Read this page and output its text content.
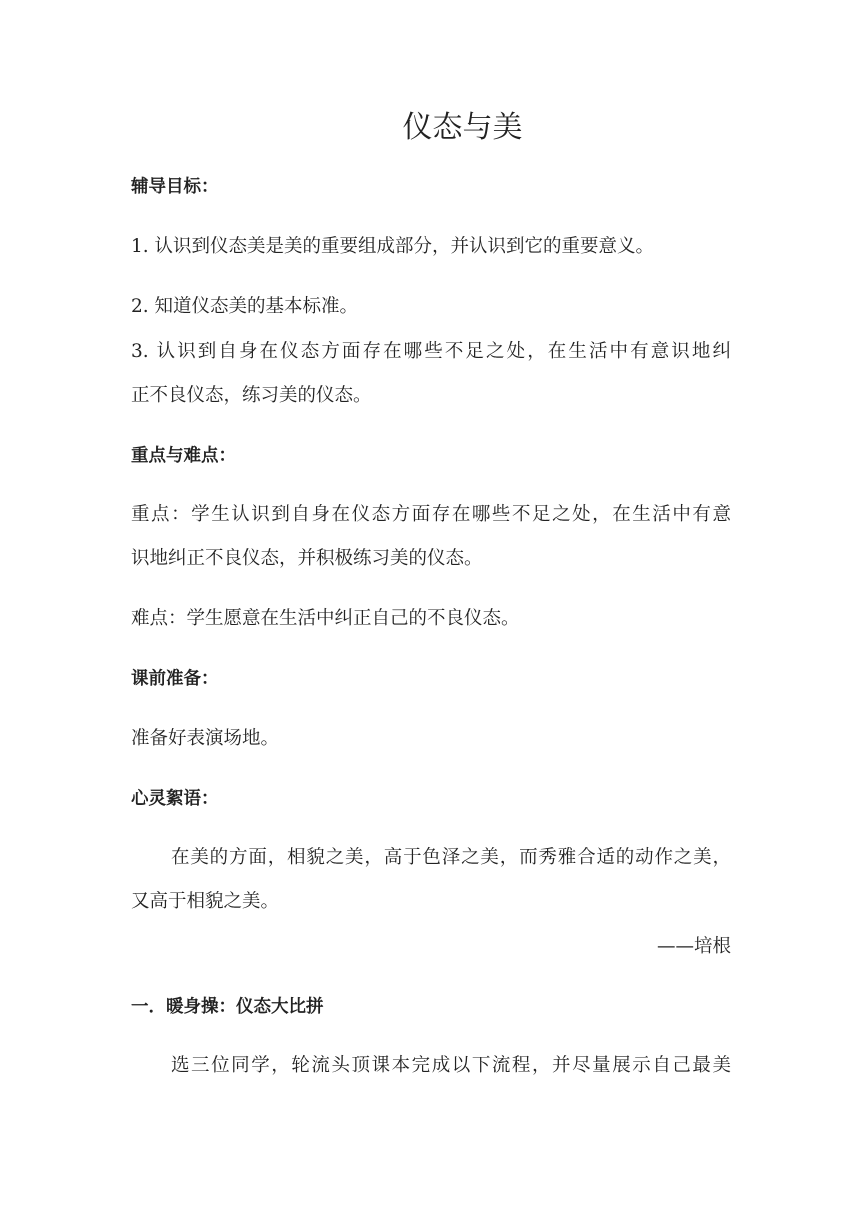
仪态与美
辅导目标：
1. 认识到仪态美是美的重要组成部分，并认识到它的重要意义。
2. 知道仪态美的基本标准。
3. 认识到自身在仪态方面存在哪些不足之处，在生活中有意识地纠
正不良仪态，练习美的仪态。
重点与难点：
重点：学生认识到自身在仪态方面存在哪些不足之处，在生活中有意
识地纠正不良仪态，并积极练习美的仪态。
难点：学生愿意在生活中纠正自己的不良仪态。
课前准备：
准备好表演场地。
心灵絮语：
在美的方面，相貌之美，高于色泽之美，而秀雅合适的动作之美，
又高于相貌之美。
——培根
一．暖身操：仪态大比拼
选三位同学，轮流头顶课本完成以下流程，并尽量展示自己最美
